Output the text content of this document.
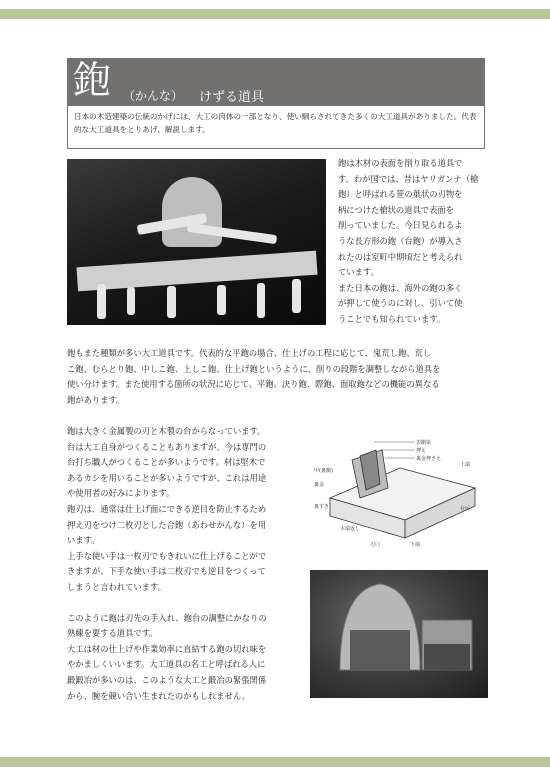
鉋 （かんな） けずる道具
日本の木造建築の伝統のかげには、大工の肉体の一部となり、使い馴らされてきた多くの大工道具がありました。代表的な大工道具をとりあげ、解説します。
鉋は木材の表面を削り取る道具で
す。わが国では、昔はヤリガンナ（槍
鉋）と呼ばれる笹の葉状の刃物を
柄につけた槍状の道具で表面を
削っていました。今日見られるよ
うな長方形の鉋（台鉋）が導入さ
れたのは室町中期頃だと考えられ
ています。
また日本の鉋は、海外の鉋の多く
が押して使うのに対し、引いて使
うことでも知られています。
鉋もまた種類が多い大工道具です。代表的な平鉋の場合、仕上げの工程に応じて、鬼荒し鉋、荒し
こ鉋、むらとり鉋、中しこ鉋、上しこ鉋、仕上げ鉋というように、削りの段階を調整しながら道具を
使い分けます。また使用する箇所の状況に応じて、平鉋、決り鉋、際鉋、面取鉋などの機能の異なる
鉋があります。
鉋は大きく金属製の刃と木製の台からなっています。
台は大工自身がつくることもありますが、今は専門の
台打ち職人がつくることが多いようです。材は堅木で
あるカシを用いることが多いようですが、これは用途
や使用者の好みによります。
鉋刃は、通常は仕上げ面にできる逆目を防止するため
押え刃をつけ二枚刃とした合鉋（あわせかんな）を用
います。
上手な使い手は一枚刃でもきれいに仕上げることがで
きますが、下手な使い手は二枚刃でも逆目をつくって
しまうと言われています。
このように鉋は刃先の手入れ、鉋台の調整にかなりの
熟練を要する道具です。
大工は材の仕上げや作業効率に直結する鉋の切れ味を
やかましくいいます。大工道具の名工と呼ばれる人に
鍛鍛冶が多いのは、このような大工と鍛冶の緊張関係
から、腕を競い合い生まれたのかもしれません。
表馴染
押え
裏金押さえ
甲(裏馴)
裏金
上端
台尻
裏すき
刃口	下端
木端返し
